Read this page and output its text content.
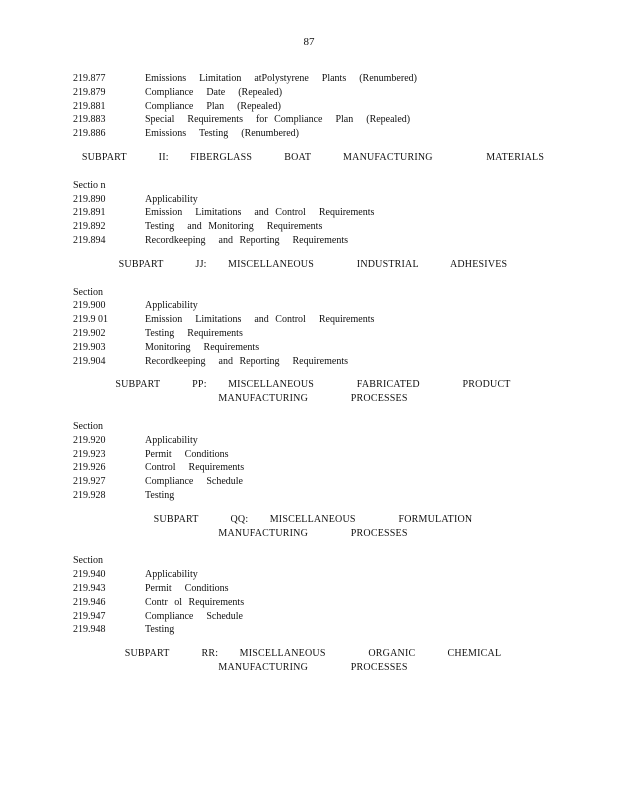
87
219.877	Emissions  Limitation  atPolystyrene  Plants  (Renumbered)
219.879	Compliance  Date  (Repealed)
219.881	Compliance  Plan  (Repealed)
219.883	Special  Requirements  for Compliance  Plan  (Repealed)
219.886	Emissions  Testing  (Renumbered)
SUBPART   II:  FIBERGLASS   BOAT   MANUFACTURING     MATERIALS
Sectio n
219.890	Applicability
219.891	Emission  Limitations  and Control  Requirements
219.892	Testing  and Monitoring  Requirements
219.894	Recordkeeping  and Reporting  Requirements
SUBPART   JJ:  MISCELLANEOUS    INDUSTRIAL   ADHESIVES
Section
219.900	Applicability
219.9 01	Emission  Limitations  and Control  Requirements
219.902	Testing  Requirements
219.903	Monitoring  Requirements
219.904	Recordkeeping  and Reporting  Requirements
SUBPART   PP:  MISCELLANEOUS    FABRICATED    PRODUCT
MANUFACTURING    PROCESSES
Section
219.920	Applicability
219.923	Permit  Conditions
219.926	Control  Requirements
219.927	Compliance  Schedule
219.928	Testing
SUBPART   QQ:  MISCELLANEOUS    FORMULATION
MANUFACTURING    PROCESSES
Section
219.940	Applicability
219.943	Permit  Conditions
219.946	Contr ol Requirements
219.947	Compliance  Schedule
219.948	Testing
SUBPART   RR:  MISCELLANEOUS    ORGANIC   CHEMICAL
MANUFACTURING    PROCESSES
